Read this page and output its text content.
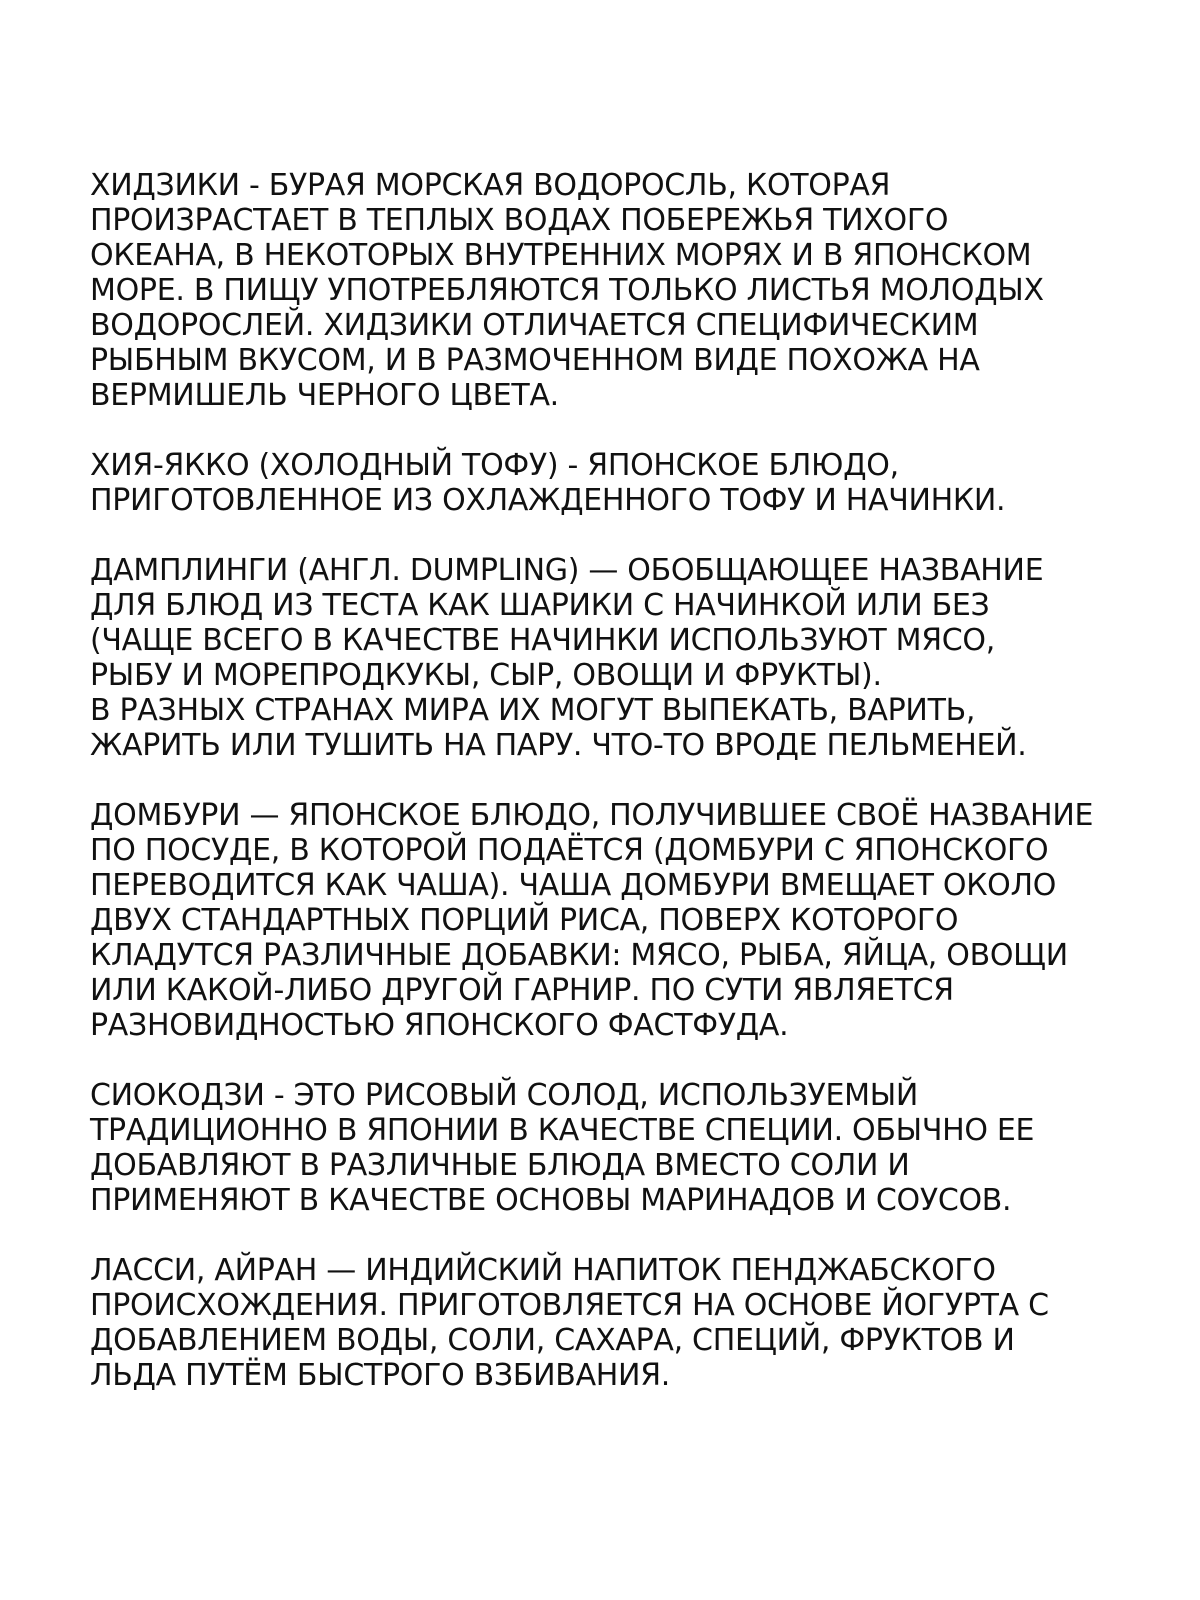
ХИДЗИКИ - БУРАЯ МОРСКАЯ ВОДОРОСЛЬ, КОТОРАЯ
ПРОИЗРАСТАЕТ В ТЕПЛЫХ ВОДАХ ПОБЕРЕЖЬЯ ТИХОГО
ОКЕАНА, В НЕКОТОРЫХ ВНУТРЕННИХ МОРЯХ И В ЯПОНСКОМ
МОРЕ. В ПИЩУ УПОТРЕБЛЯЮТСЯ ТОЛЬКО ЛИСТЬЯ МОЛОДЫХ
ВОДОРОСЛЕЙ. ХИДЗИКИ ОТЛИЧАЕТСЯ СПЕЦИФИЧЕСКИМ
РЫБНЫМ ВКУСОМ, И В РАЗМОЧЕННОМ ВИДЕ ПОХОЖА НА
ВЕРМИШЕЛЬ ЧЕРНОГО ЦВЕТА.
ХИЯ-ЯККО (ХОЛОДНЫЙ ТОФУ) - ЯПОНСКОЕ БЛЮДО,
ПРИГОТОВЛЕННОЕ ИЗ ОХЛАЖДЕННОГО ТОФУ И НАЧИНКИ.
ДАМПЛИНГИ (АНГЛ. DUMPLING) — ОБОБЩАЮЩЕЕ НАЗВАНИЕ
ДЛЯ БЛЮД ИЗ ТЕСТА КАК ШАРИКИ С НАЧИНКОЙ ИЛИ БЕЗ
(ЧАЩЕ ВСЕГО В КАЧЕСТВЕ НАЧИНКИ ИСПОЛЬЗУЮТ МЯСО,
РЫБУ И МОРЕПРОДКУКЫ, СЫР, ОВОЩИ И ФРУКТЫ).
В РАЗНЫХ СТРАНАХ МИРА ИХ МОГУТ ВЫПЕКАТЬ, ВАРИТЬ,
ЖАРИТЬ ИЛИ ТУШИТЬ НА ПАРУ. ЧТО-ТО ВРОДЕ ПЕЛЬМЕНЕЙ.
ДОМБУРИ — ЯПОНСКОЕ БЛЮДО, ПОЛУЧИВШЕЕ СВОЁ НАЗВАНИЕ
ПО ПОСУДЕ, В КОТОРОЙ ПОДАЁТСЯ (ДОМБУРИ С ЯПОНСКОГО
ПЕРЕВОДИТСЯ КАК ЧАША). ЧАША ДОМБУРИ ВМЕЩАЕТ ОКОЛО
ДВУХ СТАНДАРТНЫХ ПОРЦИЙ РИСА, ПОВЕРХ КОТОРОГО
КЛАДУТСЯ РАЗЛИЧНЫЕ ДОБАВКИ: МЯСО, РЫБА, ЯЙЦА, ОВОЩИ
ИЛИ КАКОЙ-ЛИБО ДРУГОЙ ГАРНИР. ПО СУТИ ЯВЛЯЕТСЯ
РАЗНОВИДНОСТЬЮ ЯПОНСКОГО ФАСТФУДА.
СИОКОДЗИ - ЭТО РИСОВЫЙ СОЛОД, ИСПОЛЬЗУЕМЫЙ
ТРАДИЦИОННО В ЯПОНИИ В КАЧЕСТВЕ СПЕЦИИ. ОБЫЧНО ЕЕ
ДОБАВЛЯЮТ В РАЗЛИЧНЫЕ БЛЮДА ВМЕСТО СОЛИ И
ПРИМЕНЯЮТ В КАЧЕСТВЕ ОСНОВЫ МАРИНАДОВ И СОУСОВ.
ЛАССИ, АЙРАН — ИНДИЙСКИЙ НАПИТОК ПЕНДЖАБСКОГО
ПРОИСХОЖДЕНИЯ. ПРИГОТОВЛЯЕТСЯ НА ОСНОВЕ ЙОГУРТА С
ДОБАВЛЕНИЕМ ВОДЫ, СОЛИ, САХАРА, СПЕЦИЙ, ФРУКТОВ И
ЛЬДА ПУТЁМ БЫСТРОГО ВЗБИВАНИЯ.
